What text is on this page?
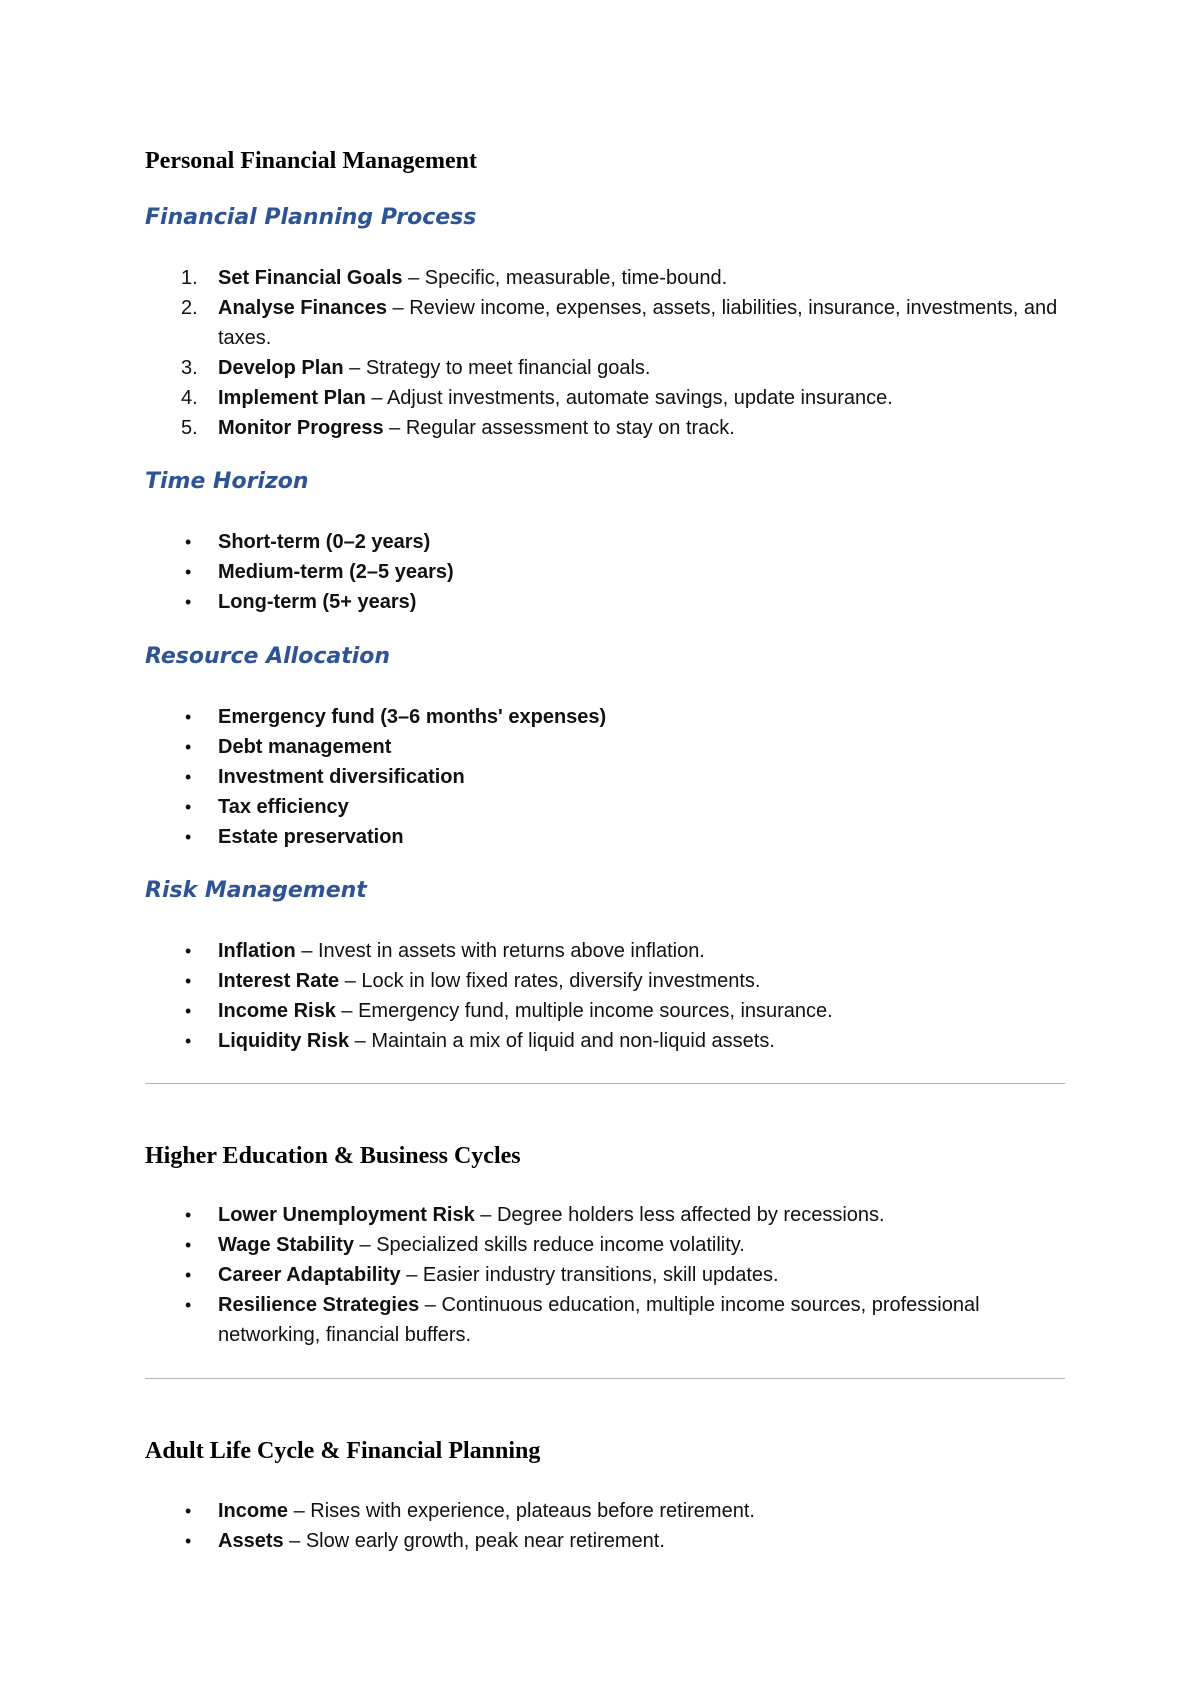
Personal Financial Management
Financial Planning Process
1.	Set Financial Goals – Specific, measurable, time-bound.
2.	Analyse Finances – Review income, expenses, assets, liabilities, insurance, investments, and taxes.
3.	Develop Plan – Strategy to meet financial goals.
4.	Implement Plan – Adjust investments, automate savings, update insurance.
5.	Monitor Progress – Regular assessment to stay on track.
Time Horizon
•	Short-term (0–2 years)
•	Medium-term (2–5 years)
•	Long-term (5+ years)
Resource Allocation
•	Emergency fund (3–6 months' expenses)
•	Debt management
•	Investment diversification
•	Tax efficiency
•	Estate preservation
Risk Management
•	Inflation – Invest in assets with returns above inflation.
•	Interest Rate – Lock in low fixed rates, diversify investments.
•	Income Risk – Emergency fund, multiple income sources, insurance.
•	Liquidity Risk – Maintain a mix of liquid and non-liquid assets.
Higher Education & Business Cycles
•	Lower Unemployment Risk – Degree holders less affected by recessions.
•	Wage Stability – Specialized skills reduce income volatility.
•	Career Adaptability – Easier industry transitions, skill updates.
•	Resilience Strategies – Continuous education, multiple income sources, professional networking, financial buffers.
Adult Life Cycle & Financial Planning
•	Income – Rises with experience, plateaus before retirement.
•	Assets – Slow early growth, peak near retirement.
